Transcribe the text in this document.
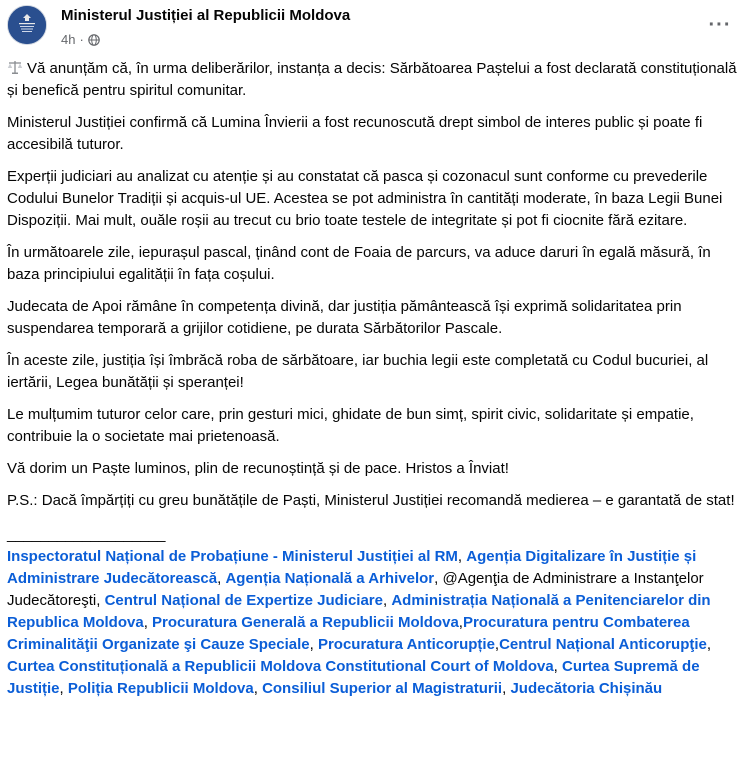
Ministerul Justiției al Republicii Moldova
4h ·
···

Vă anunțăm că, în urma deliberărilor, instanța a decis: Sărbătoarea Paștelui a fost declarată constituțională și benefică pentru spiritul comunitar.

Ministerul Justiției confirmă că Lumina Învierii a fost recunoscută drept simbol de interes public și poate fi accesibilă tuturor.

Experții judiciari au analizat cu atenție și au constatat că pasca și cozonacul sunt conforme cu prevederile Codului Bunelor Tradiții și acquis-ul UE. Acestea se pot administra în cantități moderate, în baza Legii Bunei Dispoziții. Mai mult, ouăle roșii au trecut cu brio toate testele de integritate și pot fi ciocnite fără ezitare.

În următoarele zile, iepurașul pascal, ținând cont de Foaia de parcurs, va aduce daruri în egală măsură, în baza principiului egalității în fața coșului.

Judecata de Apoi rămâne în competența divină, dar justiția pământească își exprimă solidaritatea prin suspendarea temporară a grijilor cotidiene, pe durata Sărbătorilor Pascale.

În aceste zile, justiția își îmbrăcă roba de sărbătoare, iar buchia legii este completată cu Codul bucuriei, al iertării, Legea bunătății și speranței!

Le mulțumim tuturor celor care, prin gesturi mici, ghidate de bun simț, spirit civic, solidaritate și empatie, contribuie la o societate mai prietenoasă.

Vă dorim un Paște luminos, plin de recunoștință și de pace. Hristos a Înviat!

P.S.: Dacă împărțiți cu greu bunătățile de Paști, Ministerul Justiției recomandă medierea – e garantată de stat!

___________________
Inspectoratul Național de Probațiune - Ministerul Justiției al RM, Agenția Digitalizare în Justiție și Administrare Judecătorească, Agenția Națională a Arhivelor, @Agenţia de Administrare a Instanţelor Judecătoreşti, Centrul Național de Expertize Judiciare, Administrația Națională a Penitenciarelor din Republica Moldova, Procuratura Generală a Republicii Moldova,Procuratura pentru Combaterea Criminalităţii Organizate şi Cauze Speciale, Procuratura Anticorupție,Centrul Național Anticorupţie, Curtea Constituțională a Republicii Moldova Constitutional Court of Moldova, Curtea Supremă de Justiție, Poliția Republicii Moldova, Consiliul Superior al Magistraturii, Judecătoria Chișinău
